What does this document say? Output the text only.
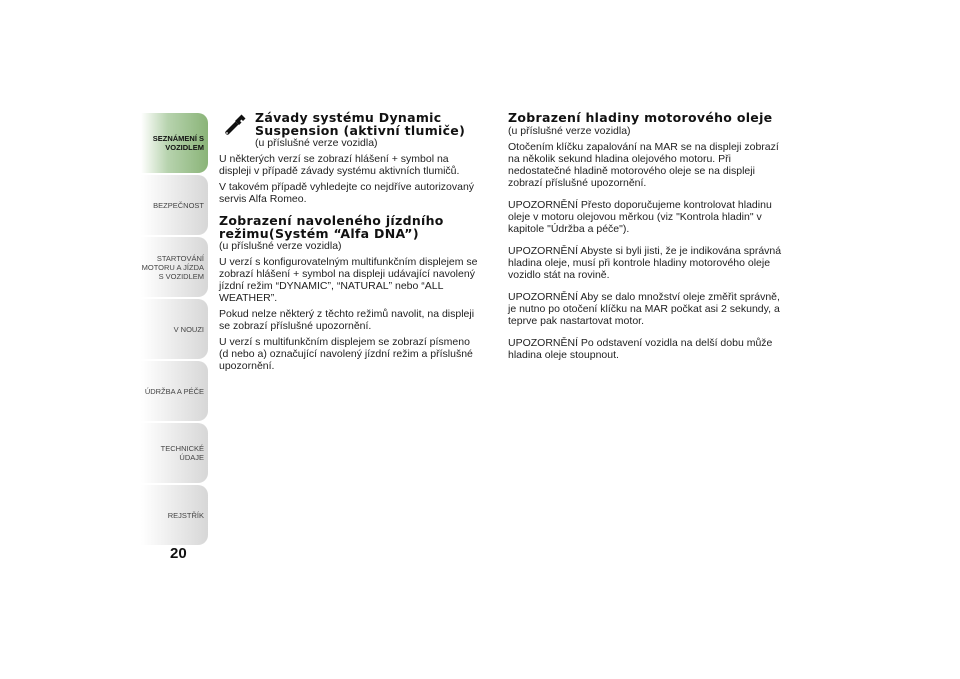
SEZNÁMENÍ S VOZIDLEM
BEZPEČNOST
STARTOVÁNÍ MOTORU A JÍZDA S VOZIDLEM
V NOUZI
ÚDRŽBA A PÉČE
TECHNICKÉ ÚDAJE
REJSTŘÍK
20
Závady systému Dynamic Suspension (aktivní tlumiče)
(u příslušné verze vozidla)

U některých verzí se zobrazí hlášení + symbol na displeji v případě závady systému aktivních tlumičů.

V takovém případě vyhledejte co nejdříve autorizovaný servis Alfa Romeo.

Zobrazení navoleného jízdního režimu(Systém “Alfa DNA”)
(u příslušné verze vozidla)

U verzí s konfigurovatelným multifunkčním displejem se zobrazí hlášení + symbol na displeji udávající navolený jízdní režim “DYNAMIC”, “NATURAL” nebo “ALL WEATHER”.

Pokud nelze některý z těchto režimů navolit, na displeji se zobrazí příslušné upozornění.

U verzí s multifunkčním displejem se zobrazí písmeno (d nebo a) označující navolený jízdní režim a příslušné upozornění.

Zobrazení hladiny motorového oleje
(u příslušné verze vozidla)

Otočením klíčku zapalování na MAR se na displeji zobrazí na několik sekund hladina olejového motoru. Při nedostatečné hladině motorového oleje se na displeji zobrazí příslušné upozornění.

UPOZORNĚNÍ Přesto doporučujeme kontrolovat hladinu oleje v motoru olejovou měrkou (viz "Kontrola hladin" v kapitole "Údržba a péče").

UPOZORNĚNÍ Abyste si byli jisti, že je indikována správná hladina oleje, musí při kontrole hladiny motorového oleje vozidlo stát na rovině.

UPOZORNĚNÍ Aby se dalo množství oleje změřit správně, je nutno po otočení klíčku na MAR počkat asi 2 sekundy, a teprve pak nastartovat motor.

UPOZORNĚNÍ Po odstavení vozidla na delší dobu může hladina oleje stoupnout.
